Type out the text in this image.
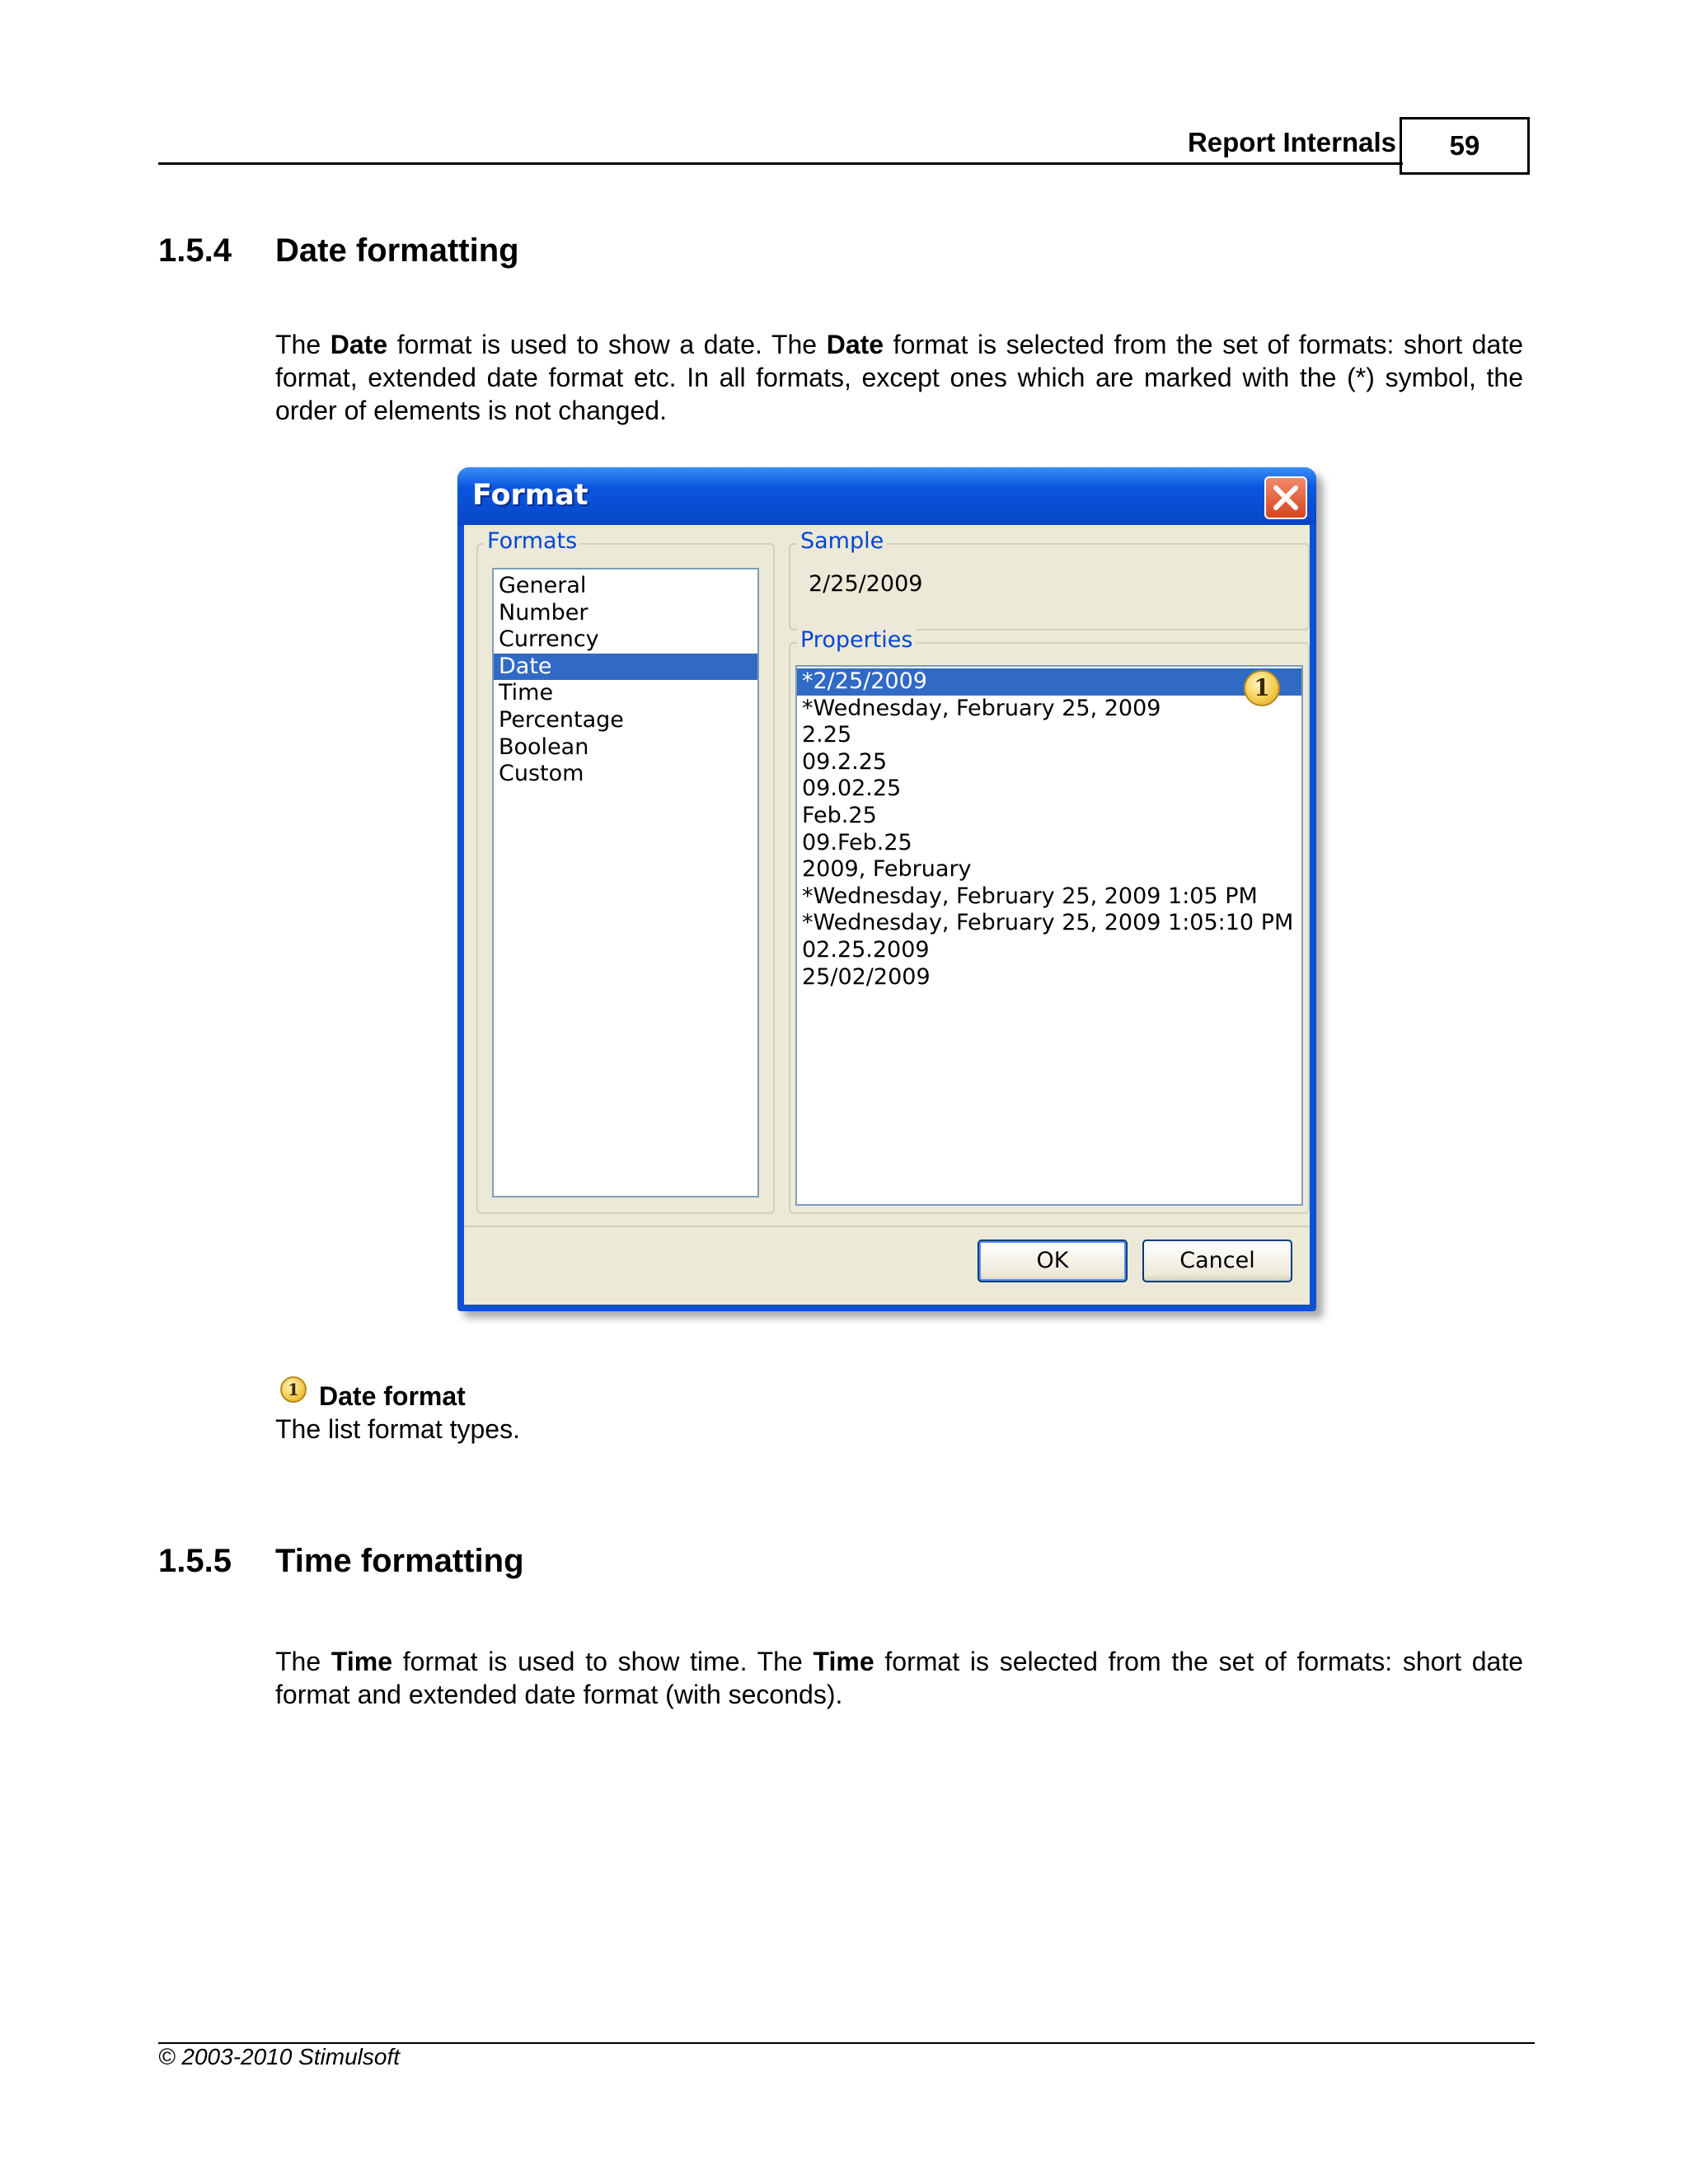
Report Internals	59
1.5.4 Date formatting
The Date format is used to show a date. The Date format is selected from the set of formats: short date format, extended date format etc. In all formats, except ones which are marked with the (*) symbol, the order of elements is not changed.
Format
Formats
General
Number
Currency
Date
Time
Percentage
Boolean
Custom
Sample
2/25/2009
Properties
*2/25/2009
*Wednesday, February 25, 2009
2.25
09.2.25
09.02.25
Feb.25
09.Feb.25
2009, February
*Wednesday, February 25, 2009 1:05 PM
*Wednesday, February 25, 2009 1:05:10 PM
02.25.2009
25/02/2009
1
OK	Cancel
1 Date format
The list format types.
1.5.5 Time formatting
The Time format is used to show time. The Time format is selected from the set of formats: short date format and extended date format (with seconds).
© 2003-2010 Stimulsoft
